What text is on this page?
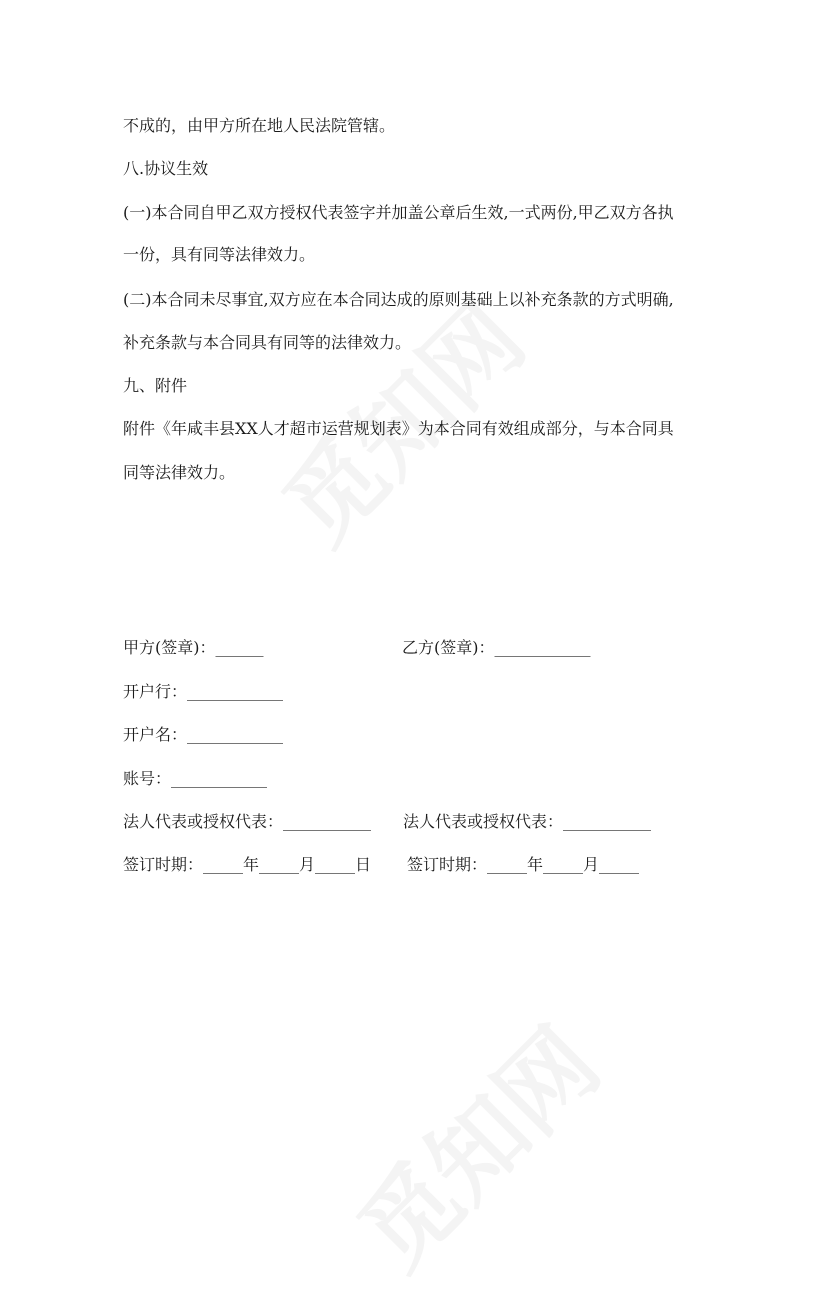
不成的，由甲方所在地人民法院管辖。
八.协议生效
(一)本合同自甲乙双方授权代表签字并加盖公章后生效,一式两份,甲乙双方各执
一份，具有同等法律效力。
(二)本合同未尽事宜,双方应在本合同达成的原则基础上以补充条款的方式明确,
补充条款与本合同具有同等的法律效力。
九、附件
附件《年咸丰县XX人才超市运营规划表》为本合同有效组成部分，与本合同具
同等法律效力。
甲方(签章)：______	乙方(签章)：____________
开户行：____________
开户名：____________
账号：____________
法人代表或授权代表：___________ 法人代表或授权代表：___________
签订时期：_____年_____月_____日 签订时期：_____年_____月_____
